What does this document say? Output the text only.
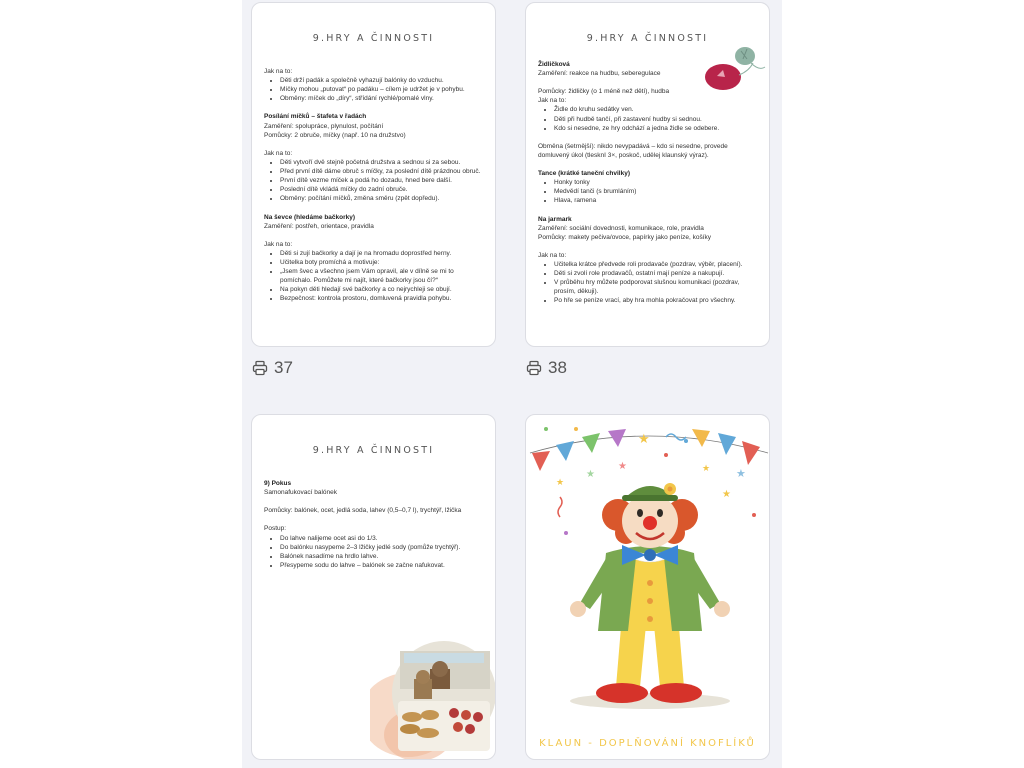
9.HRY A ČINNOSTI
Jak na to:
• Děti drží padák a společně vyhazují balónky do vzduchu.
• Míčky mohou „putovat“ po padáku – cílem je udržet je v pohybu.
• Obměny: míček do „díry“, střídání rychlé/pomalé vlny.
Posílání míčků – štafeta v řadách
Zaměření: spolupráce, plynulost, počítání
Pomůcky: 2 obruče, míčky (např. 10 na družstvo)
Jak na to:
• Děti vytvoří dvě stejně početná družstva a sednou si za sebou.
• Před první dítě dáme obruč s míčky, za poslední dítě prázdnou obruč.
• První dítě vezme míček a podá ho dozadu, hned bere další.
• Poslední dítě vkládá míčky do zadní obruče.
• Obměny: počítání míčků, změna směru (zpět dopředu).
Na ševce (hledáme bačkorky)
Zaměření: postřeh, orientace, pravidla
Jak na to:
• Děti si zují bačkorky a dají je na hromadu doprostřed herny.
• Učitelka boty promíchá a motivuje:
• „Jsem švec a všechno jsem Vám opravil, ale v dílně se mi to pomíchalo. Pomůžete mi najít, které bačkorky jsou čí?“
• Na pokyn děti hledají své bačkorky a co nejrychleji se obují.
• Bezpečnost: kontrola prostoru, domluvená pravidla pohybu.
9.HRY A ČINNOSTI
Židličková
Zaměření: reakce na hudbu, seberegulace
Pomůcky: židličky (o 1 méně než dětí), hudba
Jak na to:
• Židle do kruhu sedátky ven.
• Děti při hudbě tančí, při zastavení hudby si sednou.
• Kdo si nesedne, ze hry odchází a jedna židle se odebere.
Obměna (šetrnější): nikdo nevypadává – kdo si nesedne, provede domluvený úkol (tlesknI 3×, poskoč, udělej klaunský výraz).
Tance (krátké taneční chvilky)
• Honky tonky
• Medvědí tanči (s brumláním)
• Hlava, ramena
Na jarmark
Zaměření: sociální dovednosti, komunikace, role, pravidla
Pomůcky: makety pečiva/ovoce, papírky jako peníze, košíky
Jak na to:
• Učitelka krátce předvede roli prodavače (pozdrav, výběr, placení).
• Děti si zvolí role prodavačů, ostatní mají peníze a nakupují.
• V průběhu hry můžete podporovat slušnou komunikaci (pozdrav, prosím, děkuji).
• Po hře se peníze vrací, aby hra mohla pokračovat pro všechny.
9.HRY A ČINNOSTI
9) Pokus
Samonafukovací balónek
Pomůcky: balónek, ocet, jedlá soda, lahev (0,5–0,7 l), trychtýř, lžička
Postup:
• Do lahve nalijeme ocet asi do 1/3.
• Do balónku nasypeme 2–3 lžičky jedlé sody (pomůže trychtýř).
• Balónek nasadíme na hrdlo lahve.
• Přesypeme sodu do lahve – balónek se začne nafukovat.
★
★
★
★
★
★
★
KLAUN - DOPLŇOVÁNÍ KNOFLÍKŮ
37	38
